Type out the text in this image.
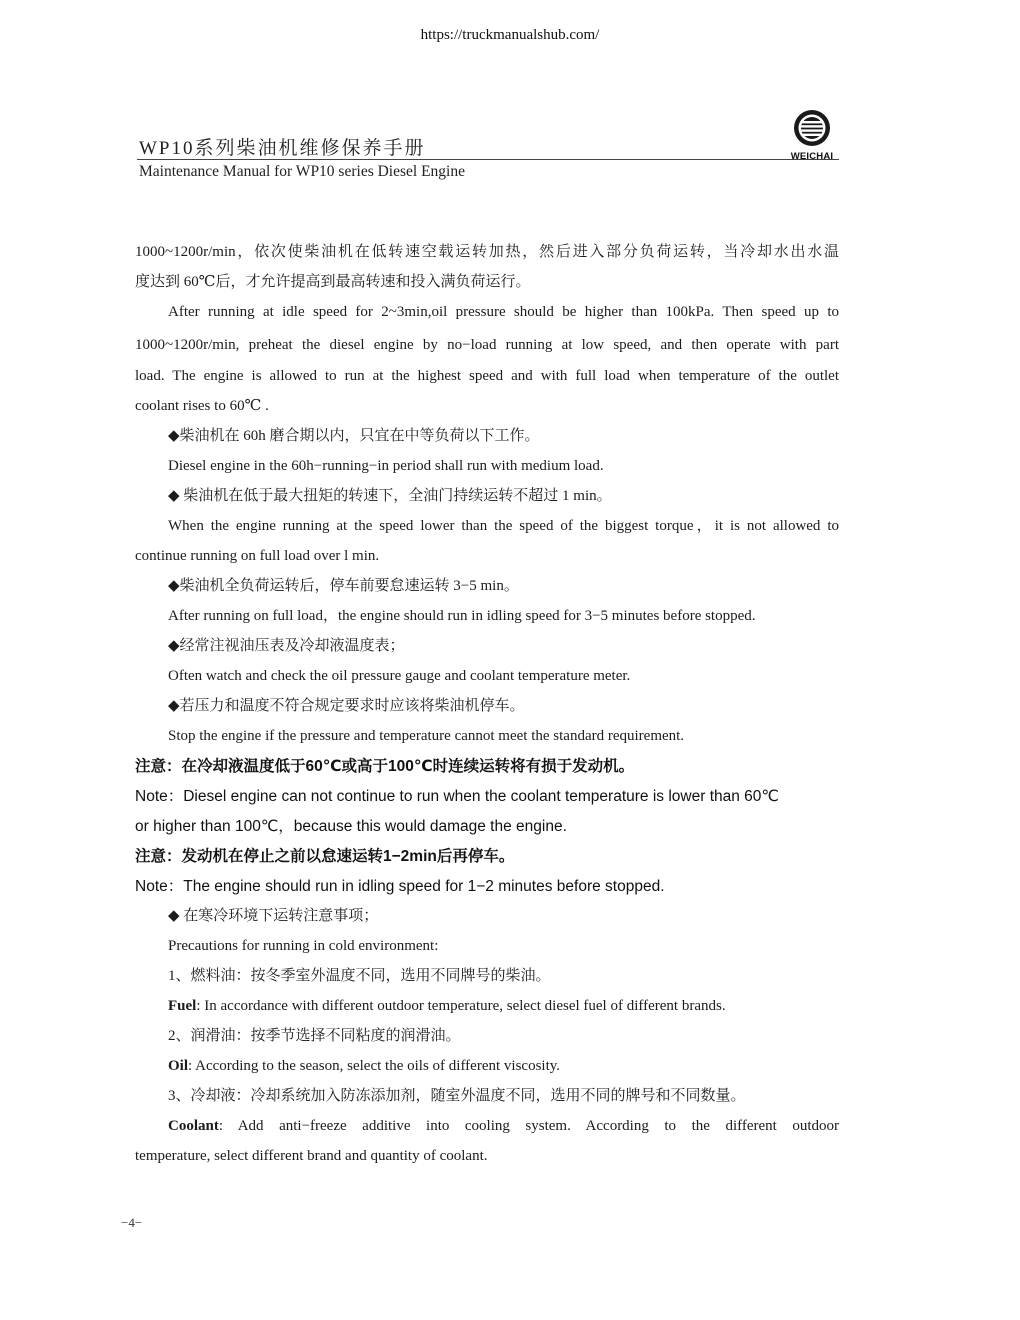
https://truckmanualshub.com/
WP10系列柴油机维修保养手册
Maintenance Manual for WP10 series Diesel Engine
WEICHAI
1000~1200r/min，依次使柴油机在低转速空载运转加热，然后进入部分负荷运转，当冷却水出水温
度达到 60℃后，才允许提高到最高转速和投入满负荷运行。
After running at idle speed for 2~3min,oil pressure should be higher than 100kPa. Then speed up to
1000~1200r/min, preheat the diesel engine by no−load running at low speed, and then operate with part
load. The engine is allowed to run at the highest speed and with full load when temperature of the outlet
coolant rises to 60℃ .
◆柴油机在 60h 磨合期以内，只宜在中等负荷以下工作。
Diesel engine in the 60h−running−in period shall run with medium load.
◆ 柴油机在低于最大扭矩的转速下，全油门持续运转不超过 1 min。
When the engine running at the speed lower than the speed of the biggest torque，it is not allowed to
continue running on full load over l min.
◆柴油机全负荷运转后，停车前要怠速运转 3−5 min。
After running on full load，the engine should run in idling speed for 3−5 minutes before stopped.
◆经常注视油压表及冷却液温度表；
Often watch and check the oil pressure gauge and coolant temperature meter.
◆若压力和温度不符合规定要求时应该将柴油机停车。
Stop the engine if the pressure and temperature cannot meet the standard requirement.
注意：在冷却液温度低于60℃或高于100℃时连续运转将有损于发动机。
Note：Diesel engine can not continue to run when the coolant temperature is lower than 60℃
or higher than 100℃，because this would damage the engine.
注意：发动机在停止之前以怠速运转1−2min后再停车。
Note：The engine should run in idling speed for 1−2 minutes before stopped.
◆ 在寒冷环境下运转注意事项；
Precautions for running in cold environment:
1、燃料油：按冬季室外温度不同，选用不同牌号的柴油。
Fuel: In accordance with different outdoor temperature, select diesel fuel of different brands.
2、润滑油：按季节选择不同粘度的润滑油。
Oil: According to the season, select the oils of different viscosity.
3、冷却液：冷却系统加入防冻添加剂，随室外温度不同，选用不同的牌号和不同数量。
Coolant: Add anti−freeze additive into cooling system. According to the different outdoor
temperature, select different brand and quantity of coolant.
−4−
